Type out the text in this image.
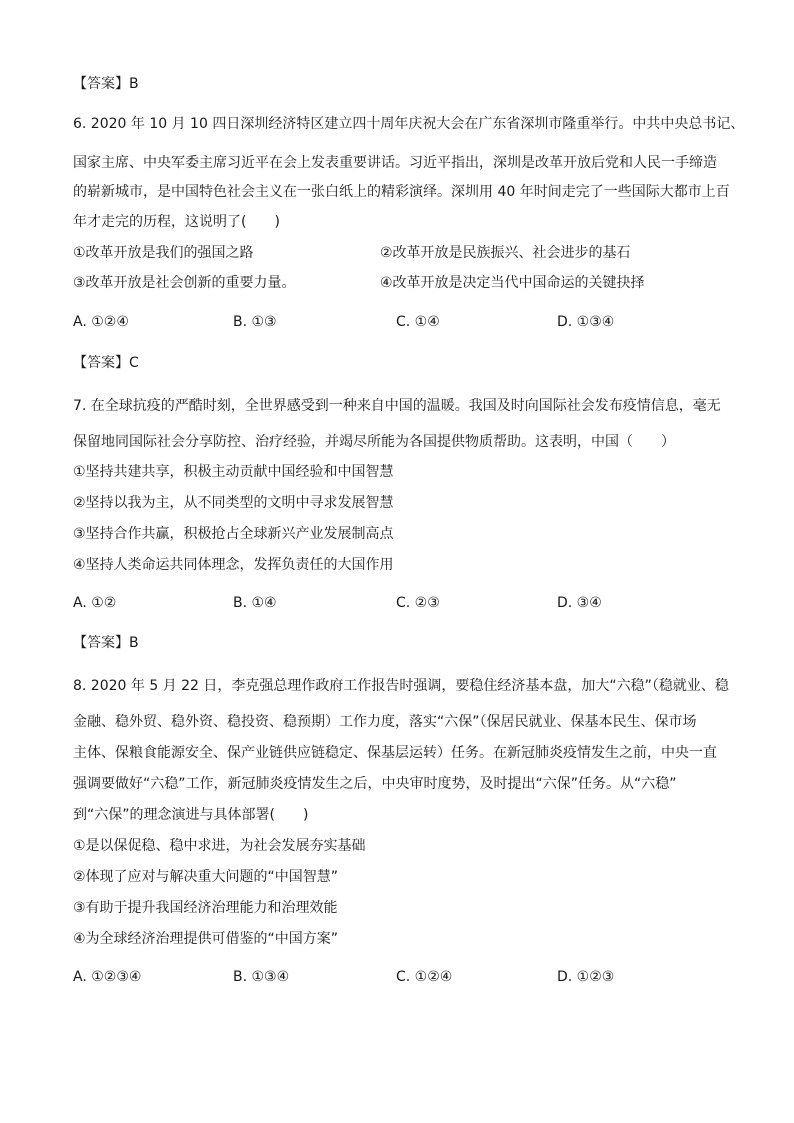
【答案】B
6. 2020 年 10 月 10 四日深圳经济特区建立四十周年庆祝大会在广东省深圳市隆重举行。中共中央总书记、
国家主席、中央军委主席习近平在会上发表重要讲话。习近平指出，深圳是改革开放后党和人民一手缔造
的崭新城市，是中国特色社会主义在一张白纸上的精彩演绎。深圳用 40 年时间走完了一些国际大都市上百
年才走完的历程，这说明了(　　)
①改革开放是我们的强国之路	②改革开放是民族振兴、社会进步的基石
③改革开放是社会创新的重要力量。	④改革开放是决定当代中国命运的关键抉择
A. ①②④	B. ①③	C. ①④	D. ①③④
【答案】C
7. 在全球抗疫的严酷时刻，全世界感受到一种来自中国的温暖。我国及时向国际社会发布疫情信息，毫无
保留地同国际社会分享防控、治疗经验，并竭尽所能为各国提供物质帮助。这表明，中国（　　）
①坚持共建共享，积极主动贡献中国经验和中国智慧
②坚持以我为主，从不同类型的文明中寻求发展智慧
③坚持合作共赢，积极抢占全球新兴产业发展制高点
④坚持人类命运共同体理念，发挥负责任的大国作用
A. ①②	B. ①④	C. ②③	D. ③④
【答案】B
8. 2020 年 5 月 22 日，李克强总理作政府工作报告时强调，要稳住经济基本盘，加大“六稳”（稳就业、稳
金融、稳外贸、稳外资、稳投资、稳预期）工作力度，落实“六保”（保居民就业、保基本民生、保市场
主体、保粮食能源安全、保产业链供应链稳定、保基层运转）任务。在新冠肺炎疫情发生之前，中央一直
强调要做好“六稳”工作，新冠肺炎疫情发生之后，中央审时度势，及时提出“六保”任务。从“六稳”
到“六保”的理念演进与具体部署(　　)
①是以保促稳、稳中求进，为社会发展夯实基础
②体现了应对与解决重大问题的“中国智慧”
③有助于提升我国经济治理能力和治理效能
④为全球经济治理提供可借鉴的“中国方案”
A. ①②③④	B. ①③④	C. ①②④	D. ①②③
